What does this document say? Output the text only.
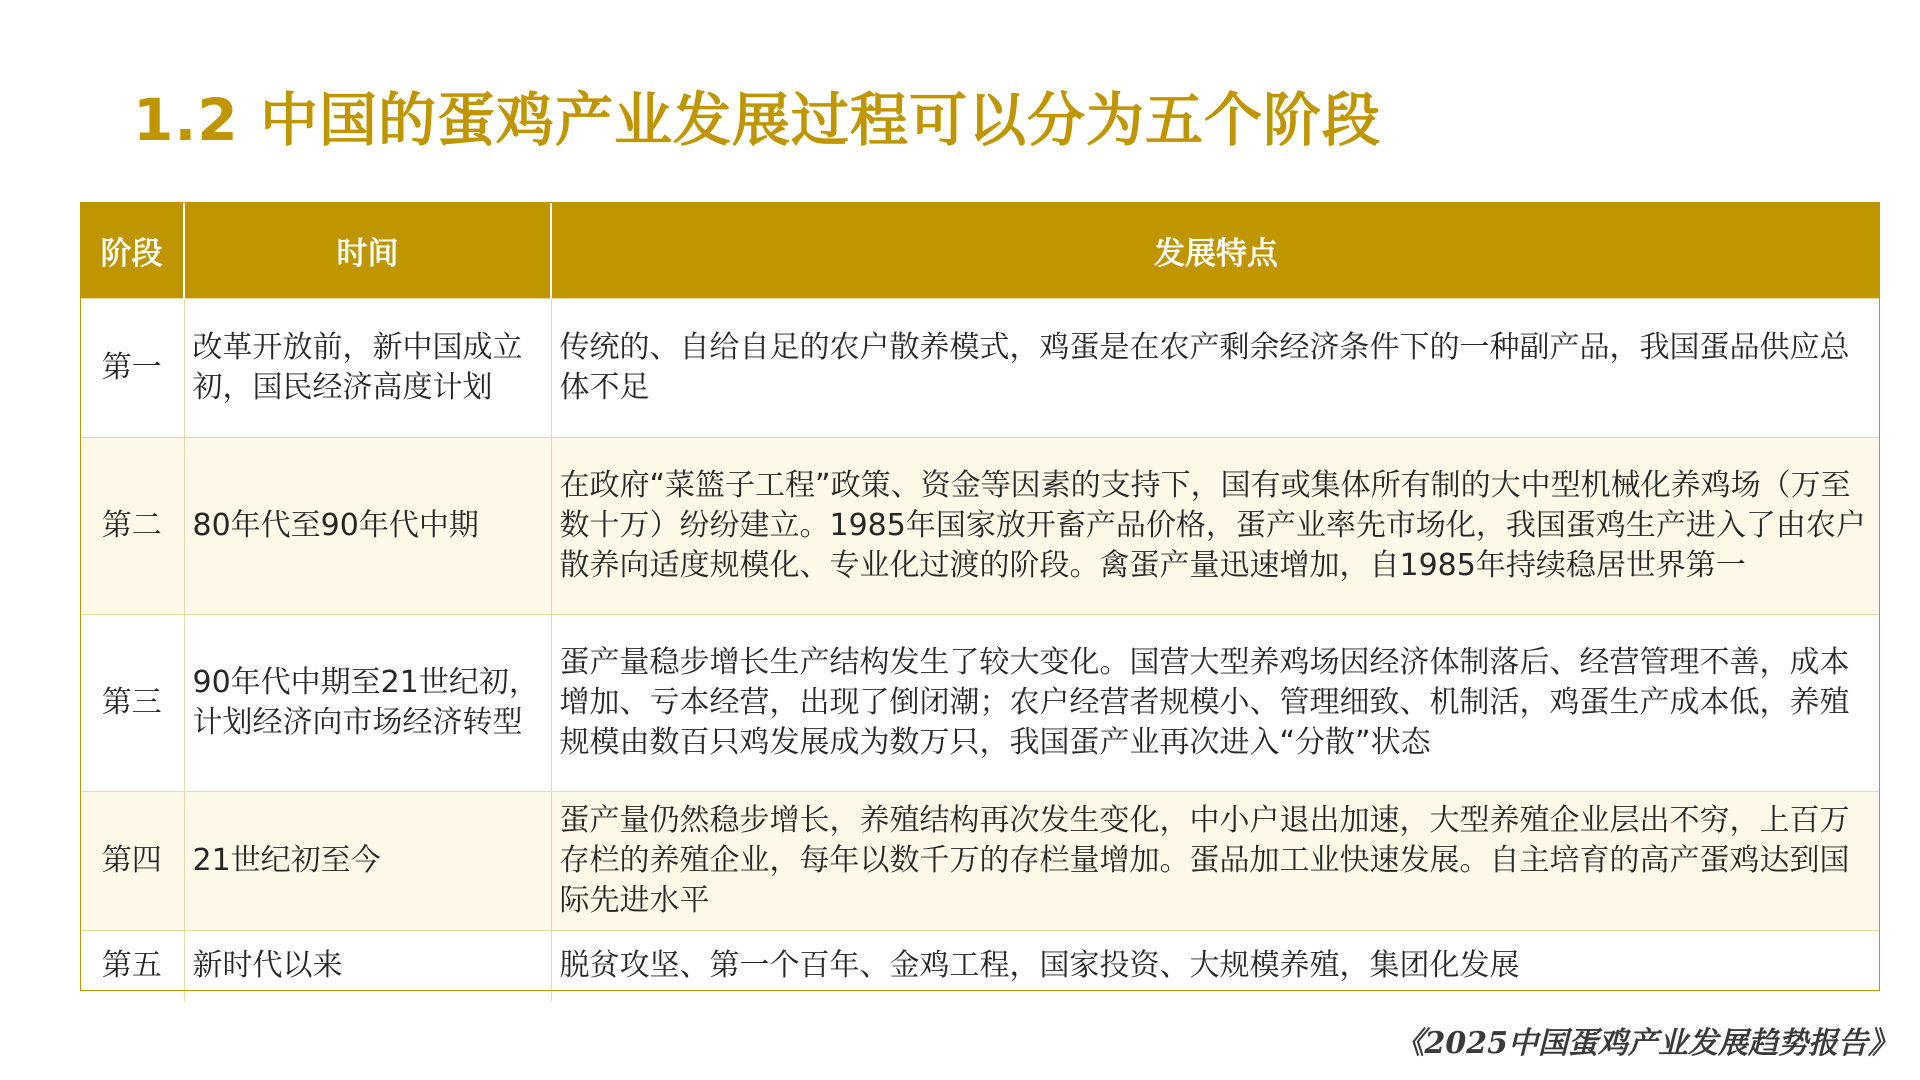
1.2 中国的蛋鸡产业发展过程可以分为五个阶段
阶段	时间	发展特点
第一	改革开放前，新中国成立初，国民经济高度计划	传统的、自给自足的农户散养模式，鸡蛋是在农产剩余经济条件下的一种副产品，我国蛋品供应总体不足
第二	80年代至90年代中期	在政府“菜篮子工程”政策、资金等因素的支持下，国有或集体所有制的大中型机械化养鸡场（万至数十万）纷纷建立。1985年国家放开畜产品价格，蛋产业率先市场化，我国蛋鸡生产进入了由农户散养向适度规模化、专业化过渡的阶段。禽蛋产量迅速增加，自1985年持续稳居世界第一
第三	90年代中期至21世纪初，计划经济向市场经济转型	蛋产量稳步增长生产结构发生了较大变化。国营大型养鸡场因经济体制落后、经营管理不善，成本增加、亏本经营，出现了倒闭潮；农户经营者规模小、管理细致、机制活，鸡蛋生产成本低，养殖规模由数百只鸡发展成为数万只，我国蛋产业再次进入“分散”状态
第四	21世纪初至今	蛋产量仍然稳步增长，养殖结构再次发生变化，中小户退出加速，大型养殖企业层出不穷，上百万存栏的养殖企业，每年以数千万的存栏量增加。蛋品加工业快速发展。自主培育的高产蛋鸡达到国际先进水平
第五	新时代以来	脱贫攻坚、第一个百年、金鸡工程，国家投资、大规模养殖，集团化发展
《2025中国蛋鸡产业发展趋势报告》
